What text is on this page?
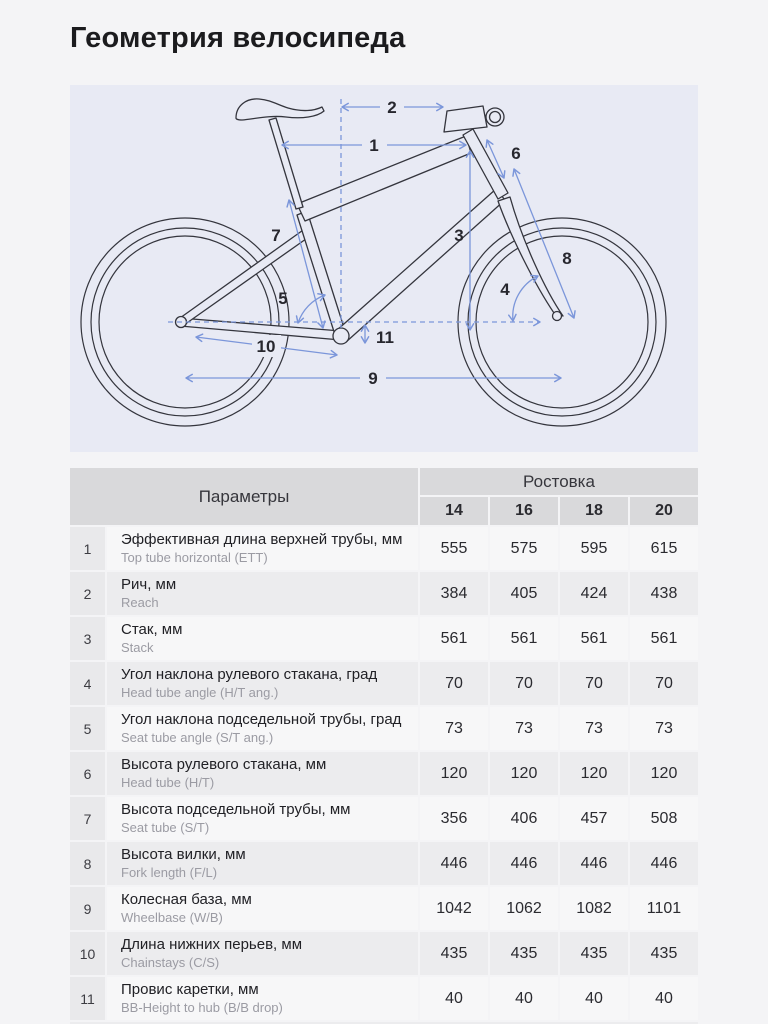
Геометрия велосипеда
1
2
3
4
5
6
7
8
9
10	11
Параметры
Ростовка
14	16	18	20
1
Эффективная длина верхней трубы, мм
Top tube horizontal (ETT)
555	575	595	615
2
Рич, мм
Reach
384	405	424	438
3
Стак, мм
Stack
561	561	561	561
4
Угол наклона рулевого стакана, град
Head tube angle (H/T ang.)
70	70	70	70
5
Угол наклона подседельной трубы, град
Seat tube angle (S/T ang.)
73	73	73	73
6
Высота рулевого стакана, мм
Head tube (H/T)
120	120	120	120
7
Высота подседельной трубы, мм
Seat tube (S/T)
356	406	457	508
8
Высота вилки, мм
Fork length (F/L)
446	446	446	446
9
Колесная база, мм
Wheelbase (W/B)
1042	1062	1082	1101
10
Длина нижних перьев, мм
Chainstays (C/S)
435	435	435	435
11
Провис каретки, мм
BB-Height to hub (B/B drop)
40	40	40	40
